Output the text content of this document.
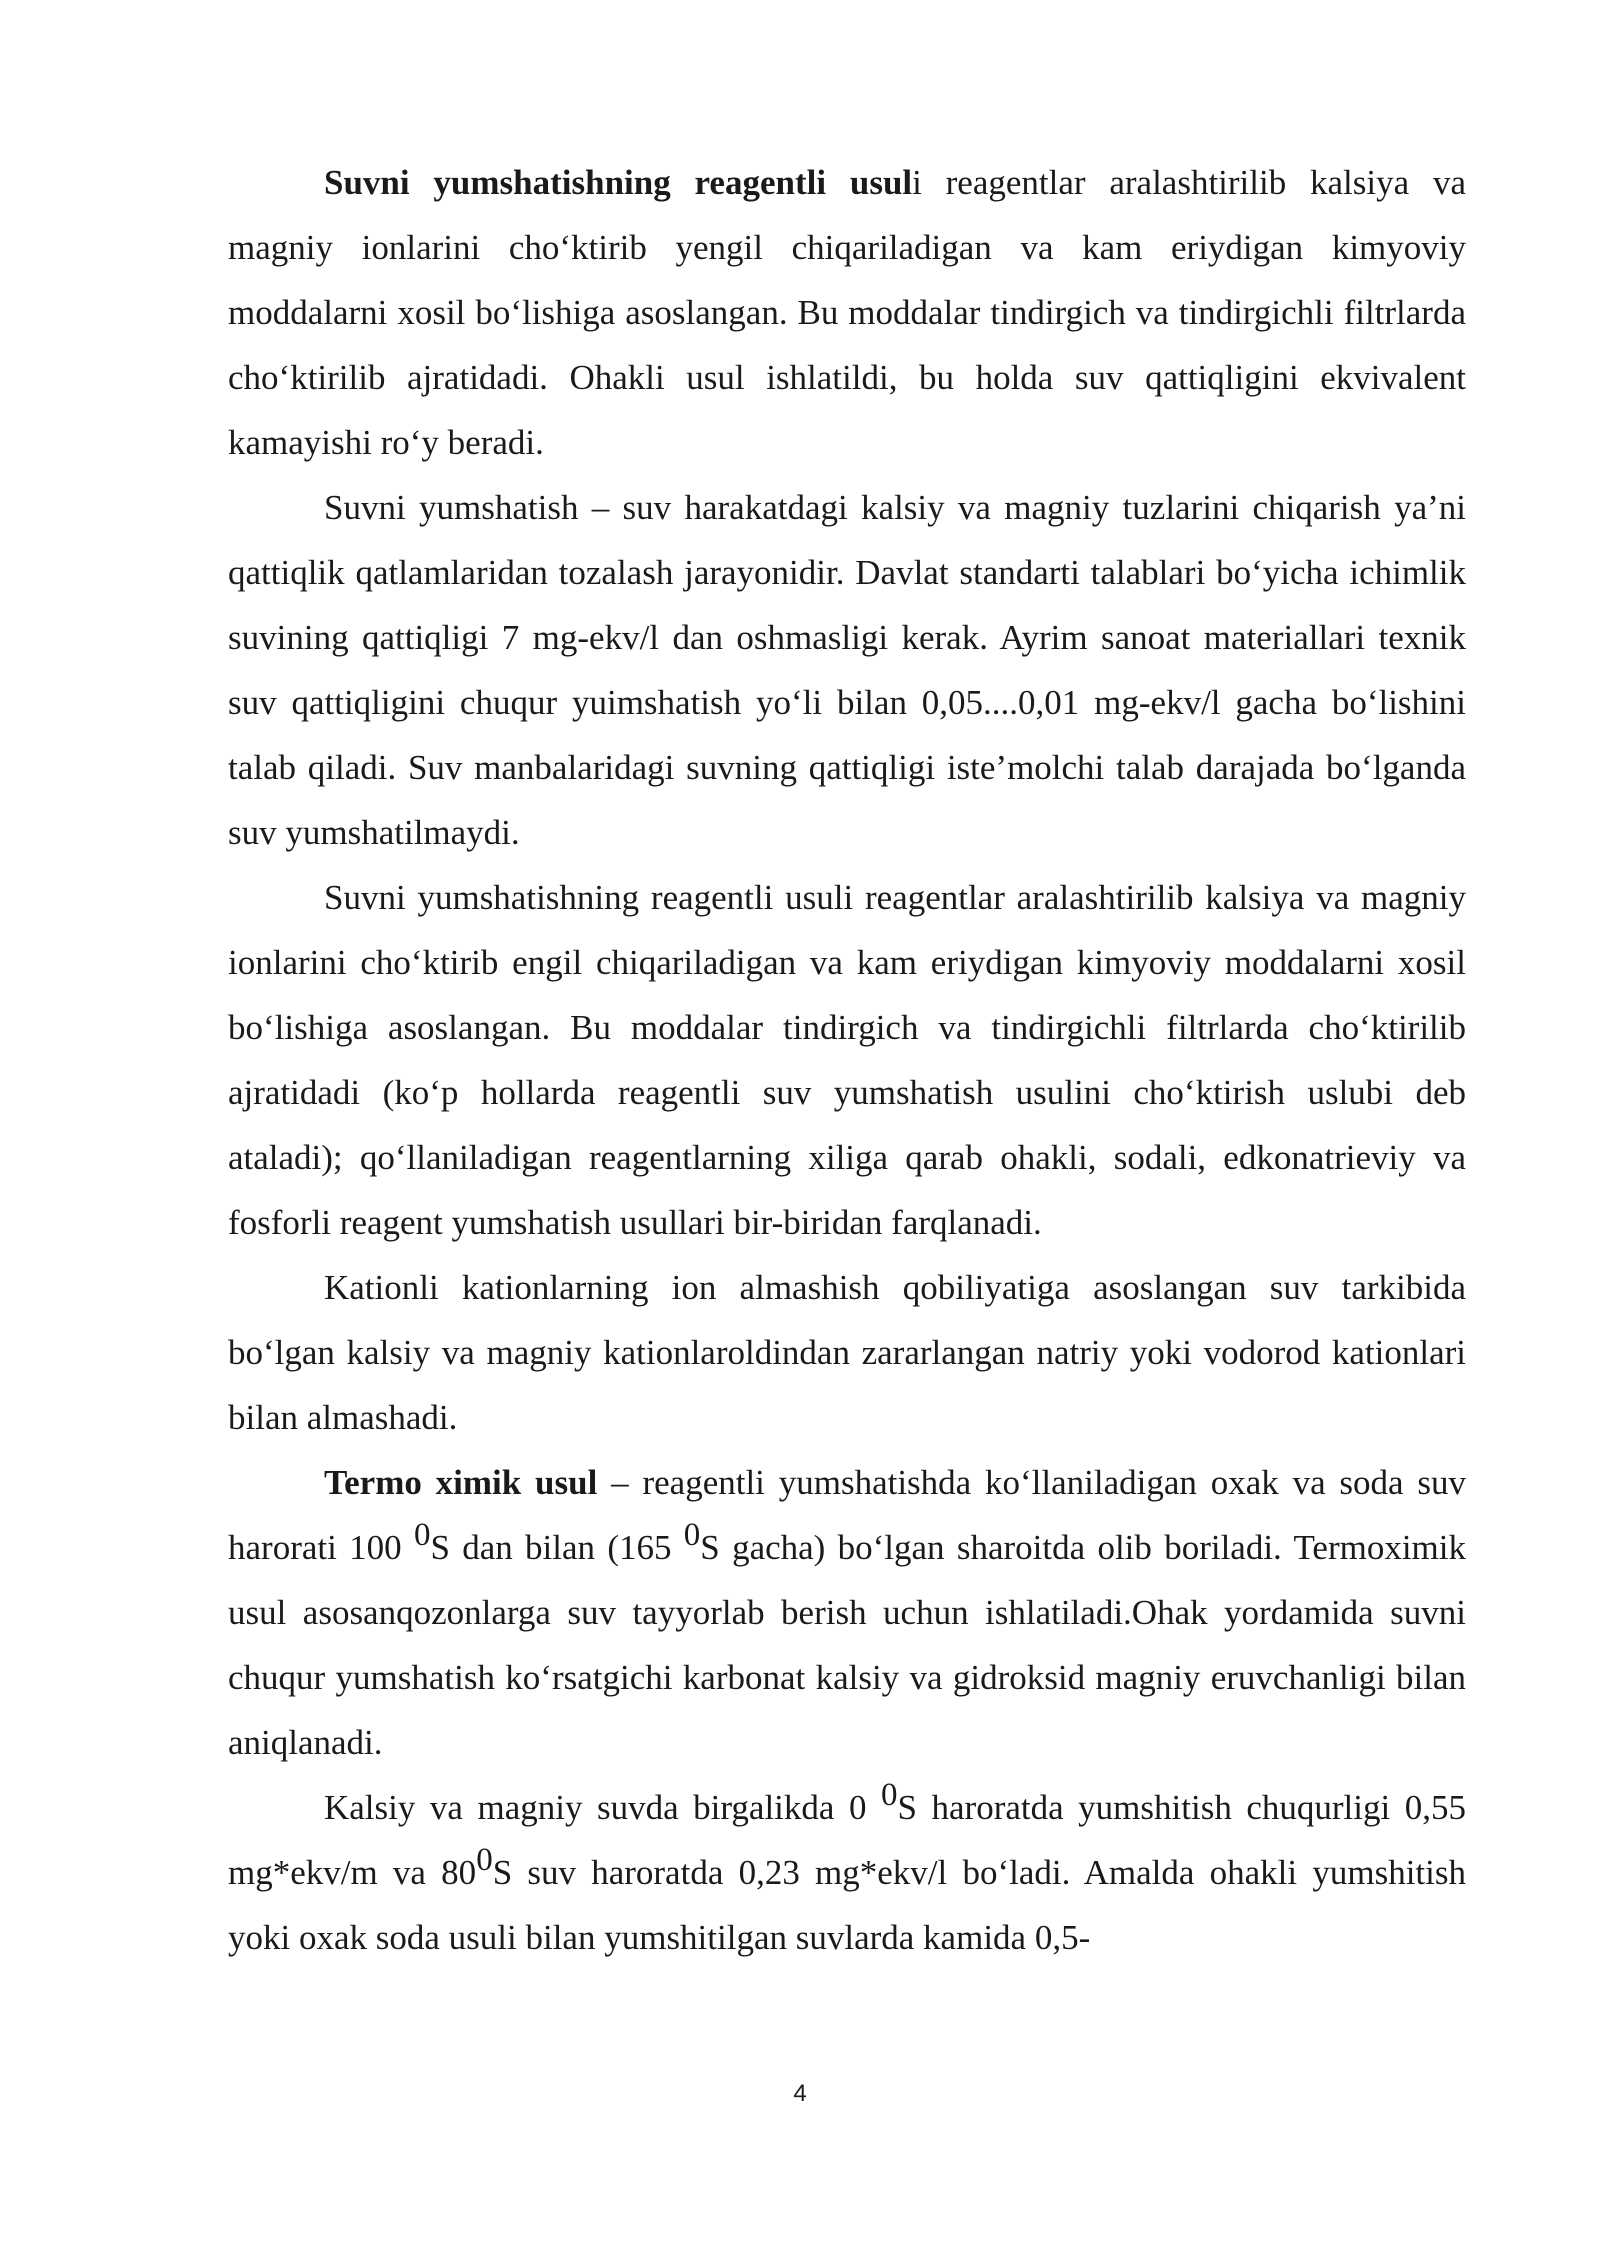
Suvni yumshatishning reagentli usuli reagentlar aralashtirilib kalsiya va magniy ionlarini cho‘ktirib yengil chiqariladigan va kam eriydigan kimyoviy moddalarni xosil bo‘lishiga asoslangan. Bu moddalar tindirgich va tindirgichli filtrlarda cho‘ktirilib ajratidadi. Ohakli usul ishlatildi, bu holda suv qattiqligini ekvivalent kamayishi ro‘y beradi.

Suvni yumshatish – suv harakatdagi kalsiy va magniy tuzlarini chiqarish ya’ni qattiqlik qatlamlaridan tozalash jarayonidir. Davlat standarti talablari bo‘yicha ichimlik suvining qattiqligi 7 mg-ekv/l dan oshmasligi kerak. Ayrim sanoat materiallari texnik suv qattiqligini chuqur yuimshatish yo‘li bilan 0,05....0,01 mg-ekv/l gacha bo‘lishini talab qiladi. Suv manbalaridagi suvning qattiqligi iste’molchi talab darajada bo‘lganda suv yumshatilmaydi.

Suvni yumshatishning reagentli usuli reagentlar aralashtirilib kalsiya va magniy ionlarini cho‘ktirib engil chiqariladigan va kam eriydigan kimyoviy moddalarni xosil bo‘lishiga asoslangan. Bu moddalar tindirgich va tindirgichli filtrlarda cho‘ktirilib ajratidadi (ko‘p hollarda reagentli suv yumshatish usulini cho‘ktirish uslubi deb ataladi); qo‘llaniladigan reagentlarning xiliga qarab ohakli, sodali, edkonatrieviy va fosforli reagent yumshatish usullari bir-biridan farqlanadi.

Kationli kationlarning ion almashish qobiliyatiga asoslangan suv tarkibida bo‘lgan kalsiy va magniy kationlaroldindan zararlangan natriy yoki vodorod kationlari bilan almashadi.

Termo ximik usul – reagentli yumshatishda ko‘llaniladigan oxak va soda suv harorati 100 $^0$S dan bilan (165 $^0$S gacha) bo‘lgan sharoitda olib boriladi. Termoximik usul asosanqozonlarga suv tayyorlab berish uchun ishlatiladi.Ohak yordamida suvni chuqur yumshatish ko‘rsatgichi karbonat kalsiy va gidroksid magniy eruvchanligi bilan aniqlanadi.

Kalsiy va magniy suvda birgalikda 0 $^0$S haroratda yumshitish chuqurligi 0,55 mg*ekv/m va $80^0S$ suv haroratda 0,23 mg*ekv/l bo‘ladi. Amalda ohakli yumshitish yoki oxak soda usuli bilan yumshitilgan suvlarda kamida 0,5-

4
